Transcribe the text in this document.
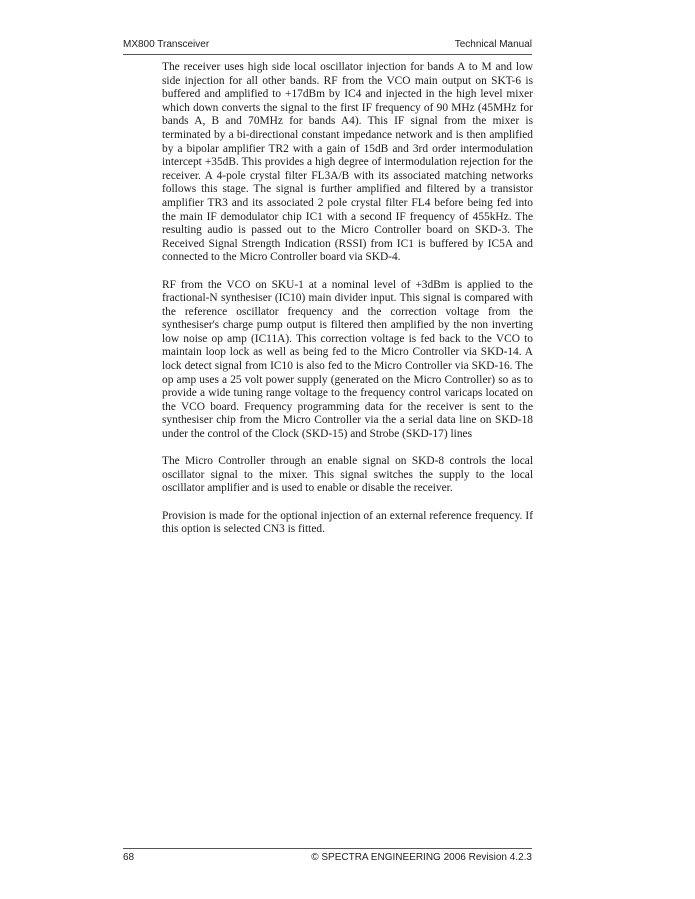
MX800 Transceiver	Technical Manual

The receiver uses high side local oscillator injection for bands A to M and low side injection for all other bands. RF from the VCO main output on SKT-6 is buffered and amplified to +17dBm by IC4 and injected in the high level mixer which down converts the signal to the first IF frequency of 90 MHz (45MHz for bands A, B and 70MHz for bands A4). This IF signal from the mixer is terminated by a bi-directional constant impedance network and is then amplified by a bipolar amplifier TR2 with a gain of 15dB and 3rd order intermodulation intercept +35dB. This provides a high degree of intermodulation rejection for the receiver. A 4-pole crystal filter FL3A/B with its associated matching networks follows this stage. The signal is further amplified and filtered by a transistor amplifier TR3 and its associated 2 pole crystal filter FL4 before being fed into the main IF demodulator chip IC1 with a second IF frequency of 455kHz. The resulting audio is passed out to the Micro Controller board on SKD-3. The Received Signal Strength Indication (RSSI) from IC1 is buffered by IC5A and connected to the Micro Controller board via SKD-4.

RF from the VCO on SKU-1 at a nominal level of +3dBm is applied to the fractional-N synthesiser (IC10) main divider input. This signal is compared with the reference oscillator frequency and the correction voltage from the synthesiser's charge pump output is filtered then amplified by the non inverting low noise op amp (IC11A). This correction voltage is fed back to the VCO to maintain loop lock as well as being fed to the Micro Controller via SKD-14. A lock detect signal from IC10 is also fed to the Micro Controller via SKD-16. The op amp uses a 25 volt power supply (generated on the Micro Controller) so as to provide a wide tuning range voltage to the frequency control varicaps located on the VCO board. Frequency programming data for the receiver is sent to the synthesiser chip from the Micro Controller via the a serial data line on SKD-18 under the control of the Clock (SKD-15) and Strobe (SKD-17) lines

The Micro Controller through an enable signal on SKD-8 controls the local oscillator signal to the mixer. This signal switches the supply to the local oscillator amplifier and is used to enable or disable the receiver.

Provision is made for the optional injection of an external reference frequency. If this option is selected CN3 is fitted.

68	© SPECTRA ENGINEERING 2006 Revision 4.2.3
